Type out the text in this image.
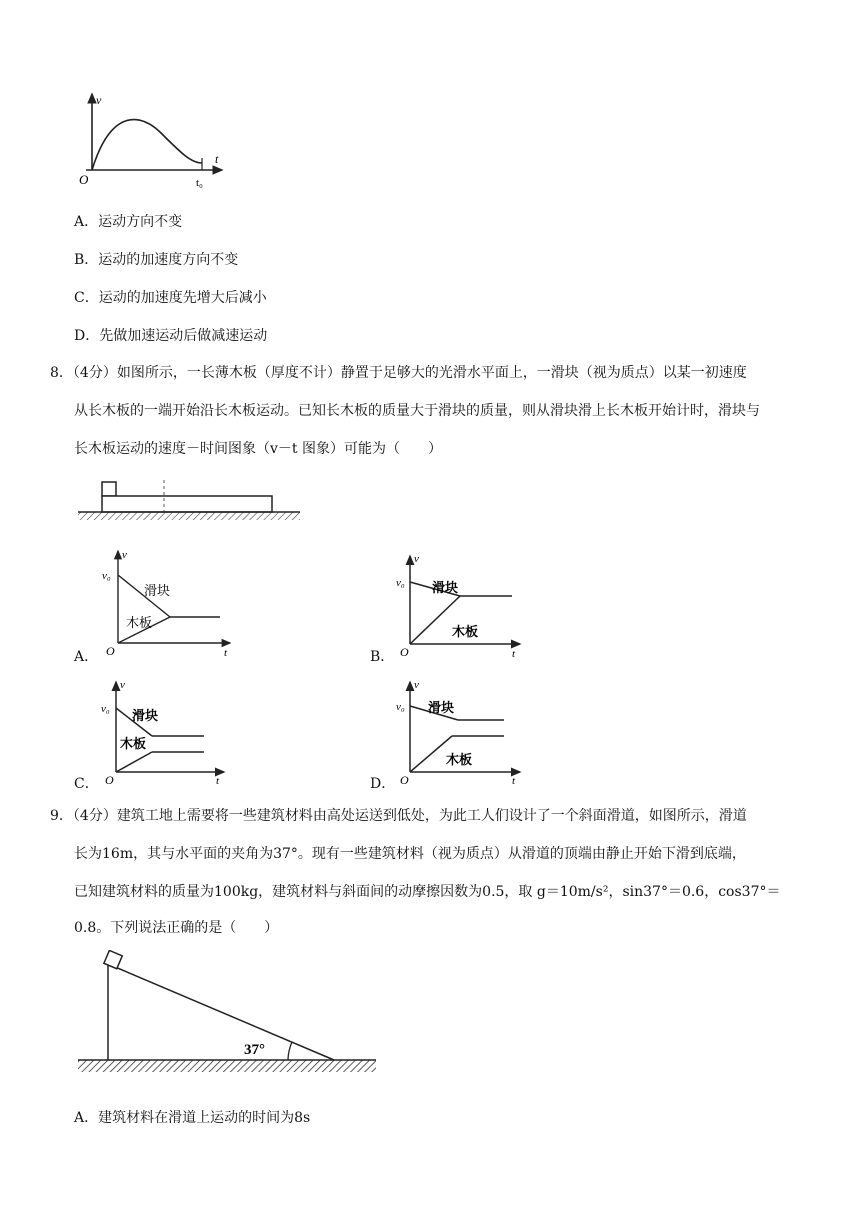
v
t
O	t₀
A．运动方向不变
B．运动的加速度方向不变
C．运动的加速度先增大后减小
D．先做加速运动后做减速运动
8．（4分）如图所示，一长薄木板（厚度不计）静置于足够大的光滑水平面上，一滑块（视为质点）以某一初速度
从长木板的一端开始沿长木板运动。已知长木板的质量大于滑块的质量，则从滑块滑上长木板开始计时，滑块与
长木板运动的速度－时间图象（v－t 图象）可能为（　　）
A．
v
v₀
t
O
滑块
木板
B．
v
v₀
t
O
滑块
木板
C．
v
v₀
t
O
滑块
木板
D．
v
v₀
t
O
滑块
木板
9．（4分）建筑工地上需要将一些建筑材料由高处运送到低处，为此工人们设计了一个斜面滑道，如图所示，滑道
长为16m，其与水平面的夹角为37°。现有一些建筑材料（视为质点）从滑道的顶端由静止开始下滑到底端，
已知建筑材料的质量为100kg，建筑材料与斜面间的动摩擦因数为0.5，取 g＝10m/s²，sin37°＝0.6，cos37°＝
0.8。下列说法正确的是（　　）
37°
A．建筑材料在滑道上运动的时间为8s
